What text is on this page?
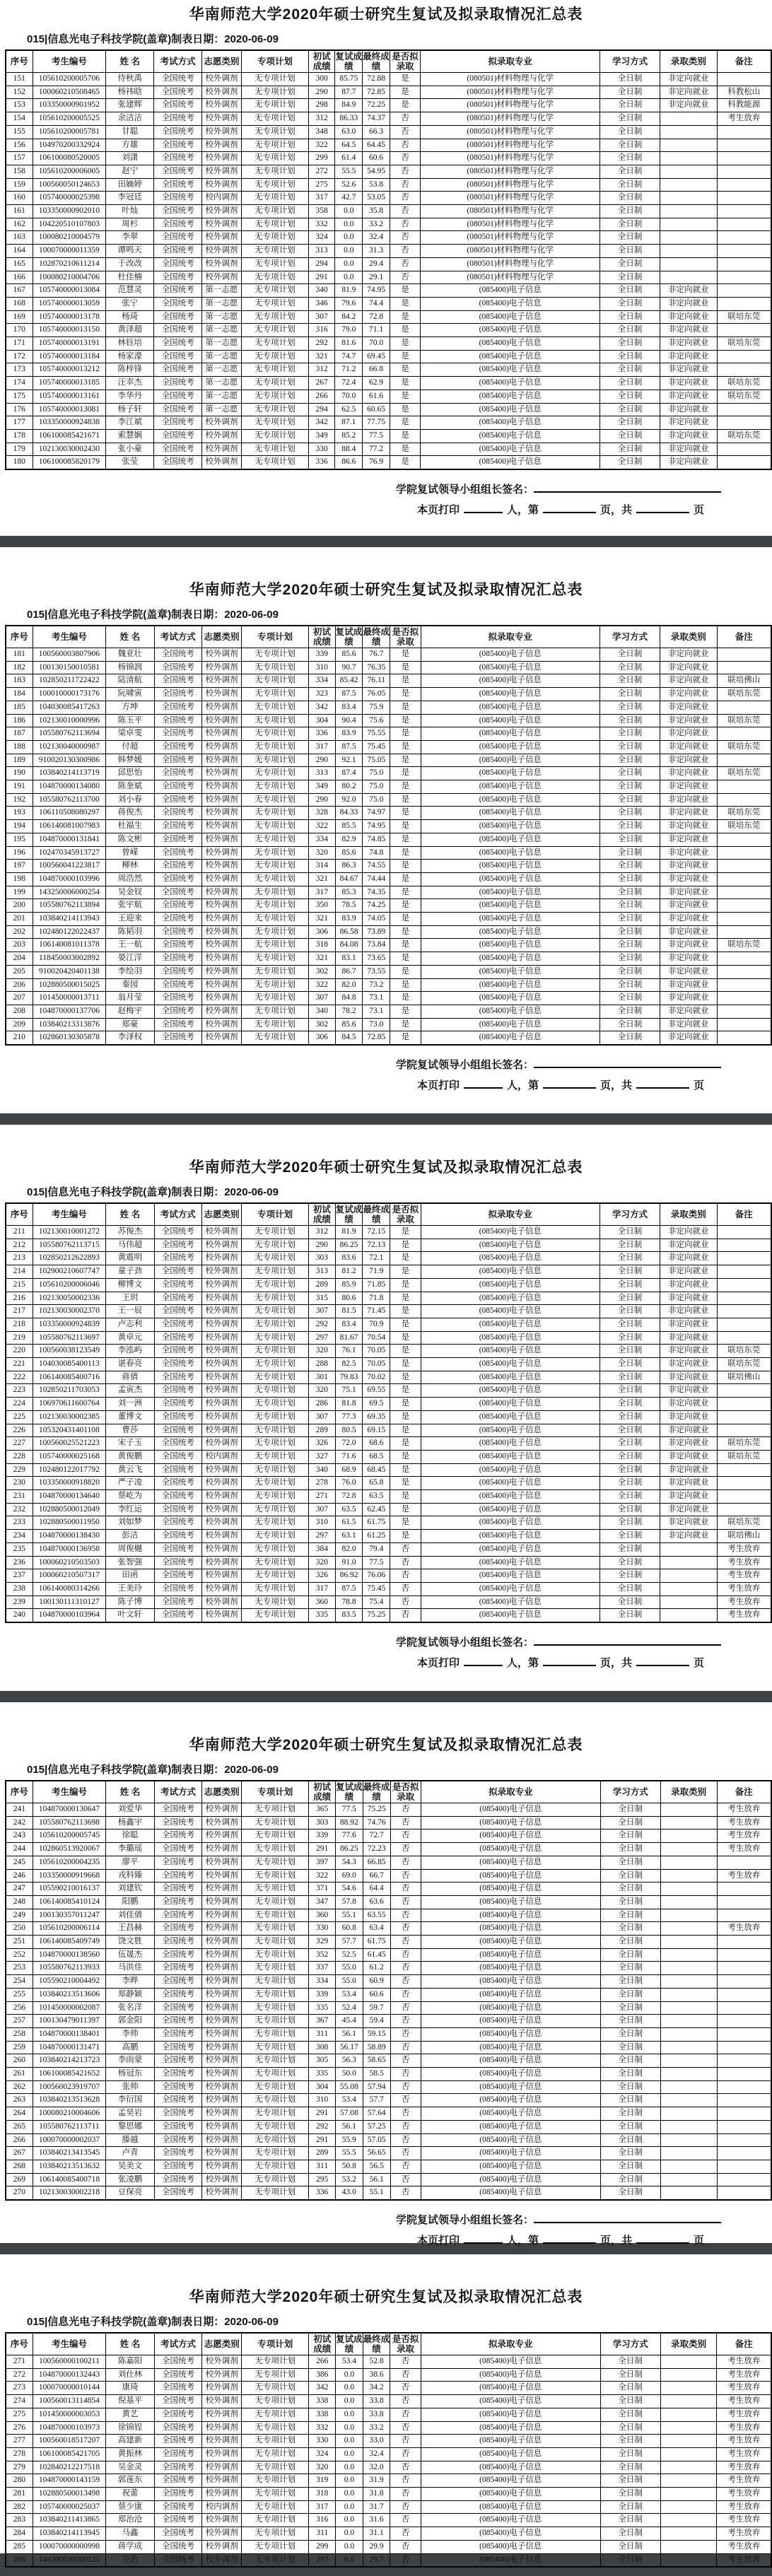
华南师范大学2020年硕士研究生复试及拟录取情况汇总表
015|信息光电子科技学院(盖章)制表日期：2020-06-09
序号	考生编号	姓 名	考试方式	志愿类别	专项计划	初试成绩	复试成绩	最终成绩	是否拟录取	拟录取专业	学习方式	录取类别	备注
151	105610200005706	侍秋禹	全国统考	校外调剂	无专项计划	300	85.75	72.88	是	(080501)材料物理与化学	全日制	非定向就业	
152	100060210508465	杨祎晗	全国统考	校外调剂	无专项计划	290	87.7	72.85	是	(080501)材料物理与化学	全日制	非定向就业	科教松山
153	103350000901952	张建辉	全国统考	校外调剂	无专项计划	298	84.9	72.25	是	(080501)材料物理与化学	全日制	非定向就业	科教能源
154	105610200005525	余洁洁	全国统考	校外调剂	无专项计划	312	86.33	74.37	否	(080501)材料物理与化学	全日制		考生放弃
155	105610200005781	甘聪	全国统考	校外调剂	无专项计划	348	63.0	66.3	否	(080501)材料物理与化学	全日制		
156	104970200332924	方雄	全国统考	校外调剂	无专项计划	322	64.5	64.45	否	(080501)材料物理与化学	全日制		
157	106100080520005	刘潇	全国统考	校外调剂	无专项计划	299	61.4	60.6	否	(080501)材料物理与化学	全日制		
158	105610200006005	赵宁	全国统考	校外调剂	无专项计划	272	55.5	54.95	否	(080501)材料物理与化学	全日制		
159	100560050124653	田嫡婷	全国统考	校外调剂	无专项计划	275	52.6	53.8	否	(080501)材料物理与化学	全日制		
160	105740000025398	李冠廷	全国统考	校内调剂	无专项计划	317	42.7	53.05	否	(080501)材料物理与化学	全日制		
161	103350000902010	叶灿	全国统考	校外调剂	无专项计划	358	0.0	35.8	否	(080501)材料物理与化学	全日制		
162	104220510107803	周杉	全国统考	校外调剂	无专项计划	332	0.0	33.2	否	(080501)材料物理与化学	全日制		
163	100080210004579	李翠	全国统考	校外调剂	无专项计划	324	0.0	32.4	否	(080501)材料物理与化学	全日制		
164	100070000011359	谭鸣天	全国统考	校外调剂	无专项计划	313	0.0	31.3	否	(080501)材料物理与化学	全日制		
165	102870210611214	于改改	全国统考	校外调剂	无专项计划	294	0.0	29.4	否	(080501)材料物理与化学	全日制		
166	100080210004706	杜佳楠	全国统考	校外调剂	无专项计划	291	0.0	29.1	否	(080501)材料物理与化学	全日制		
167	105740000013084	范慧灵	全国统考	第一志愿	无专项计划	340	81.9	74.95	是	(085400)电子信息	全日制	非定向就业	
168	105740000013059	张宁	全国统考	第一志愿	无专项计划	346	79.6	74.4	是	(085400)电子信息	全日制	非定向就业	
169	105740000013178	杨琦	全国统考	第一志愿	无专项计划	307	84.2	72.8	是	(085400)电子信息	全日制	非定向就业	联培东莞
170	105740000013150	黄泽超	全国统考	第一志愿	无专项计划	316	79.0	71.1	是	(085400)电子信息	全日制	非定向就业	
171	105740000013191	林钰培	全国统考	第一志愿	无专项计划	292	81.6	70.0	是	(085400)电子信息	全日制	非定向就业	联培东莞
172	105740000013184	杨家濠	全国统考	第一志愿	无专项计划	321	74.7	69.45	是	(085400)电子信息	全日制	非定向就业	
173	105740000013212	陈梓锋	全国统考	第一志愿	无专项计划	312	71.2	66.8	是	(085400)电子信息	全日制	非定向就业	
174	105740000013185	汪幸杰	全国统考	第一志愿	无专项计划	267	72.4	62.9	是	(085400)电子信息	全日制	非定向就业	联培东莞
175	105740000013161	李华丹	全国统考	第一志愿	无专项计划	266	70.0	61.6	是	(085400)电子信息	全日制	非定向就业	联培东莞
176	105740000013081	杨子轩	全国统考	第一志愿	无专项计划	294	62.5	60.65	是	(085400)电子信息	全日制	非定向就业	
177	103350000924838	李江斌	全国统考	校外调剂	无专项计划	342	87.1	77.75	是	(085400)电子信息	全日制	非定向就业	
178	106100085421671	索慧娴	全国统考	校外调剂	无专项计划	349	85.2	77.5	是	(085400)电子信息	全日制	非定向就业	联培东莞
179	102130030002430	张小豪	全国统考	校外调剂	无专项计划	330	88.4	77.2	是	(085400)电子信息	全日制	非定向就业	
180	106100085820179	张莹	全国统考	校外调剂	无专项计划	336	86.6	76.9	是	(085400)电子信息	全日制	非定向就业	
学院复试领导小组组长签名：
本页打印	人，第	页，共	页
华南师范大学2020年硕士研究生复试及拟录取情况汇总表
015|信息光电子科技学院(盖章)制表日期：2020-06-09
序号	考生编号	姓 名	考试方式	志愿类别	专项计划	初试成绩	复试成绩	最终成绩	是否拟录取	拟录取专业	学习方式	录取类别	备注
181	100560003807906	魏亚壮	全国统考	校外调剂	无专项计划	339	85.6	76.7	是	(085400)电子信息	全日制	非定向就业	
182	100130150010581	杨锦润	全国统考	校外调剂	无专项计划	310	90.7	76.35	是	(085400)电子信息	全日制	非定向就业	
183	102850211722422	陆清航	全国统考	校外调剂	无专项计划	334	85.42	76.11	是	(085400)电子信息	全日制	非定向就业	联培佛山
184	100010000173176	阮啸寅	全国统考	校外调剂	无专项计划	323	87.5	76.05	是	(085400)电子信息	全日制	非定向就业	联培东莞
185	104030085417263	方坤	全国统考	校外调剂	无专项计划	342	83.4	75.9	是	(085400)电子信息	全日制	非定向就业	
186	102130010000996	陈玉平	全国统考	校外调剂	无专项计划	304	90.4	75.6	是	(085400)电子信息	全日制	非定向就业	联培东莞
187	105580762113694	梁卓雯	全国统考	校外调剂	无专项计划	336	83.9	75.55	是	(085400)电子信息	全日制	非定向就业	
188	102130040000987	付超	全国统考	校外调剂	无专项计划	317	87.5	75.45	是	(085400)电子信息	全日制	非定向就业	联培东莞
189	910020130300986	韩梦媛	全国统考	校外调剂	无专项计划	290	92.1	75.05	是	(085400)电子信息	全日制	非定向就业	
190	103840214113719	邱思怡	全国统考	校外调剂	无专项计划	313	87.4	75.0	是	(085400)电子信息	全日制	非定向就业	联培东莞
191	104870000134080	陈奎斌	全国统考	校外调剂	无专项计划	349	80.2	75.0	是	(085400)电子信息	全日制	非定向就业	
192	105580762113700	刘小春	全国统考	校外调剂	无专项计划	290	92.0	75.0	是	(085400)电子信息	全日制	非定向就业	
193	106110508080297	蒋俊杰	全国统考	校外调剂	无专项计划	328	84.33	74.97	是	(085400)电子信息	全日制	非定向就业	联培东莞
194	106140081007983	杜福生	全国统考	校外调剂	无专项计划	322	85.5	74.95	是	(085400)电子信息	全日制	非定向就业	联培东莞
195	104870000131841	陈文彬	全国统考	校外调剂	无专项计划	334	82.9	74.85	是	(085400)电子信息	全日制	非定向就业	
196	102470345913727	曾嵘	全国统考	校外调剂	无专项计划	320	85.6	74.8	是	(085400)电子信息	全日制	非定向就业	
197	100560041223817	柳林	全国统考	校外调剂	无专项计划	314	86.3	74.55	是	(085400)电子信息	全日制	非定向就业	
198	104870000103996	周浩然	全国统考	校外调剂	无专项计划	321	84.67	74.44	是	(085400)电子信息	全日制	非定向就业	
199	143250006000254	吴金钗	全国统考	校外调剂	无专项计划	317	85.3	74.35	是	(085400)电子信息	全日制	非定向就业	
200	105580762113894	张宇航	全国统考	校外调剂	无专项计划	350	78.5	74.25	是	(085400)电子信息	全日制	非定向就业	
201	103840214113943	王迎来	全国统考	校外调剂	无专项计划	321	83.9	74.05	是	(085400)电子信息	全日制	非定向就业	
202	102480122022437	陈韬羽	全国统考	校外调剂	无专项计划	306	86.58	73.89	是	(085400)电子信息	全日制	非定向就业	
203	106140081011378	王一航	全国统考	校外调剂	无专项计划	318	84.08	73.84	是	(085400)电子信息	全日制	非定向就业	联培东莞
204	118450003002892	晏江洋	全国统考	校外调剂	无专项计划	321	83.1	73.65	是	(085400)电子信息	全日制	非定向就业	
205	910020420401138	李绘羽	全国统考	校外调剂	无专项计划	302	86.7	73.55	是	(085400)电子信息	全日制	非定向就业	
206	102880500015025	秦园	全国统考	校外调剂	无专项计划	322	82.0	73.2	是	(085400)电子信息	全日制	非定向就业	
207	101450000013711	翁月莹	全国统考	校外调剂	无专项计划	307	84.8	73.1	是	(085400)电子信息	全日制	非定向就业	
208	104870000137706	赵梅宇	全国统考	校外调剂	无专项计划	340	78.2	73.1	是	(085400)电子信息	全日制	非定向就业	
209	103840213313876	郑豪	全国统考	校外调剂	无专项计划	302	85.6	73.0	是	(085400)电子信息	全日制	非定向就业	
210	102860130305878	李泽权	全国统考	校外调剂	无专项计划	306	84.5	72.85	是	(085400)电子信息	全日制	非定向就业	
学院复试领导小组组长签名：
本页打印	人，第	页，共	页
华南师范大学2020年硕士研究生复试及拟录取情况汇总表
015|信息光电子科技学院(盖章)制表日期：2020-06-09
序号	考生编号	姓 名	考试方式	志愿类别	专项计划	初试成绩	复试成绩	最终成绩	是否拟录取	拟录取专业	学习方式	录取类别	备注
211	102130010001272	苏俊杰	全国统考	校外调剂	无专项计划	312	81.9	72.15	是	(085400)电子信息	全日制	非定向就业	
212	105580762113715	马伟超	全国统考	校外调剂	无专项计划	290	86.25	72.13	是	(085400)电子信息	全日制	非定向就业	
213	102850212622893	黄震明	全国统考	校外调剂	无专项计划	303	83.6	72.1	是	(085400)电子信息	全日制	非定向就业	
214	102900210607747	童子劲	全国统考	校外调剂	无专项计划	313	81.2	71.9	是	(085400)电子信息	全日制	非定向就业	
215	105610200006046	柳博文	全国统考	校外调剂	无专项计划	289	85.9	71.85	是	(085400)电子信息	全日制	非定向就业	
216	102130050002336	王玥	全国统考	校外调剂	无专项计划	315	80.6	71.8	是	(085400)电子信息	全日制	非定向就业	
217	102130030002370	王一辰	全国统考	校外调剂	无专项计划	307	81.5	71.45	是	(085400)电子信息	全日制	非定向就业	
218	103350000924839	卢志利	全国统考	校外调剂	无专项计划	292	83.4	70.9	是	(085400)电子信息	全日制	非定向就业	
219	105580762113697	黄卓元	全国统考	校外调剂	无专项计划	297	81.67	70.54	是	(085400)电子信息	全日制	非定向就业	
220	100560038123549	李泓屿	全国统考	校外调剂	无专项计划	320	76.1	70.05	是	(085400)电子信息	全日制	非定向就业	联培东莞
221	104030085400113	谌春亮	全国统考	校外调剂	无专项计划	288	82.5	70.05	是	(085400)电子信息	全日制	非定向就业	联培东莞
222	106140085400716	蒋倩	全国统考	校外调剂	无专项计划	301	79.83	70.02	是	(085400)电子信息	全日制	非定向就业	联培佛山
223	102850211703053	孟寅杰	全国统考	校外调剂	无专项计划	320	75.1	69.55	是	(085400)电子信息	全日制	非定向就业	
224	106970611600764	刘一洲	全国统考	校外调剂	无专项计划	286	81.8	69.5	是	(085400)电子信息	全日制	非定向就业	
225	102130030002385	董博文	全国统考	校外调剂	无专项计划	307	77.3	69.35	是	(085400)电子信息	全日制	非定向就业	
226	105320431401108	曹莎	全国统考	校外调剂	无专项计划	289	80.5	69.15	是	(085400)电子信息	全日制	非定向就业	
227	100560025521223	宋子玉	全国统考	校外调剂	无专项计划	326	72.0	68.6	是	(085400)电子信息	全日制	非定向就业	联培东莞
228	105740000025168	黄俊鹏	全国统考	校内调剂	无专项计划	327	71.6	68.5	是	(085400)电子信息	全日制	非定向就业	联培东莞
229	102480122017792	黄云飞	全国统考	校外调剂	无专项计划	340	68.9	68.45	是	(085400)电子信息	全日制	非定向就业	
230	103350000918820	严子凌	全国统考	校外调剂	无专项计划	278	76.0	65.8	是	(085400)电子信息	全日制	非定向就业	
231	104870000134640	蔡屹为	全国统考	校外调剂	无专项计划	271	72.8	63.5	是	(085400)电子信息	全日制	非定向就业	
232	102880500012049	李红运	全国统考	校外调剂	无专项计划	307	63.5	62.45	是	(085400)电子信息	全日制	非定向就业	
233	102880500011950	刘如梦	全国统考	校外调剂	无专项计划	310	61.5	61.75	是	(085400)电子信息	全日制	非定向就业	联培东莞
234	104870000138430	彭洁	全国统考	校外调剂	无专项计划	297	63.1	61.25	是	(085400)电子信息	全日制	非定向就业	联培佛山
235	104870000136958	周俊樾	全国统考	校外调剂	无专项计划	384	82.0	79.4	否	(085400)电子信息	全日制		考生放弃
236	100060210503503	张智强	全国统考	校外调剂	无专项计划	320	91.0	77.5	否	(085400)电子信息	全日制		考生放弃
237	100060210507317	田函	全国统考	校外调剂	无专项计划	326	86.92	76.06	否	(085400)电子信息	全日制		考生放弃
238	106140080314266	王美玲	全国统考	校外调剂	无专项计划	317	87.5	75.45	否	(085400)电子信息	全日制		考生放弃
239	100130111310127	陈子博	全国统考	校外调剂	无专项计划	360	78.8	75.4	否	(085400)电子信息	全日制		考生放弃
240	104870000103964	叶文轩	全国统考	校外调剂	无专项计划	335	83.5	75.25	否	(085400)电子信息	全日制		考生放弃
学院复试领导小组组长签名：
本页打印	人，第	页，共	页
华南师范大学2020年硕士研究生复试及拟录取情况汇总表
015|信息光电子科技学院(盖章)制表日期：2020-06-09
序号	考生编号	姓 名	考试方式	志愿类别	专项计划	初试成绩	复试成绩	最终成绩	是否拟录取	拟录取专业	学习方式	录取类别	备注
241	104870000130647	刘爱华	全国统考	校外调剂	无专项计划	365	77.5	75.25	否	(085400)电子信息	全日制		考生放弃
242	105580762113698	杨鑫宇	全国统考	校外调剂	无专项计划	303	88.92	74.76	否	(085400)电子信息	全日制		考生放弃
243	105610200005745	徐聪	全国统考	校外调剂	无专项计划	339	77.6	72.7	否	(085400)电子信息	全日制		考生放弃
244	102860513920067	李璐瑶	全国统考	校外调剂	无专项计划	291	86.25	72.23	否	(085400)电子信息	全日制		考生放弃
245	105610200004235	廖平	全国统考	校外调剂	无专项计划	397	54.3	66.85	否	(085400)电子信息	全日制		
246	103350000919668	戎科臻	全国统考	校外调剂	无专项计划	322	69.0	66.7	否	(085400)电子信息	全日制		考生放弃
247	105590210016137	刘建钦	全国统考	校外调剂	无专项计划	371	54.6	64.4	否	(085400)电子信息	全日制		
248	106140085410124	阳鹏	全国统考	校外调剂	无专项计划	347	57.8	63.6	否	(085400)电子信息	全日制		
249	100130357011247	刘佳倩	全国统考	校外调剂	无专项计划	360	55.1	63.55	否	(085400)电子信息	全日制		
250	105610200006114	王昌赫	全国统考	校外调剂	无专项计划	330	60.8	63.4	否	(085400)电子信息	全日制		考生放弃
251	106140085409749	饶文胜	全国统考	校外调剂	无专项计划	329	57.7	61.75	否	(085400)电子信息	全日制		
252	104870000138560	伍晟杰	全国统考	校外调剂	无专项计划	352	52.5	61.45	否	(085400)电子信息	全日制		
253	105580762113933	马洪佳	全国统考	校外调剂	无专项计划	337	55.0	61.2	否	(085400)电子信息	全日制		
254	105590210004492	李晔	全国统考	校外调剂	无专项计划	334	55.0	60.9	否	(085400)电子信息	全日制		
255	103840213513606	郑静颖	全国统考	校外调剂	无专项计划	339	53.4	60.6	否	(085400)电子信息	全日制		
256	101450000002087	张名洋	全国统考	校外调剂	无专项计划	335	52.4	59.7	否	(085400)电子信息	全日制		
257	100130479011397	郭金阳	全国统考	校外调剂	无专项计划	367	45.4	59.4	否	(085400)电子信息	全日制		
258	104870000138401	李帅	全国统考	校外调剂	无专项计划	311	56.1	59.15	否	(085400)电子信息	全日制		
259	104870000131471	高鹏	全国统考	校外调剂	无专项计划	308	56.17	58.89	否	(085400)电子信息	全日制		
260	103840214213723	李雨蒙	全国统考	校外调剂	无专项计划	305	56.3	58.65	否	(085400)电子信息	全日制		
261	106100085421652	杨冠东	全国统考	校外调剂	无专项计划	335	50.0	58.5	否	(085400)电子信息	全日制		
262	100560023919707	张帅	全国统考	校外调剂	无专项计划	304	55.08	57.94	否	(085400)电子信息	全日制		
263	103840213513628	李衍国	全国统考	校外调剂	无专项计划	310	53.4	57.7	否	(085400)电子信息	全日制		
264	100080210004606	孟昊岩	全国统考	校外调剂	无专项计划	291	57.08	57.64	否	(085400)电子信息	全日制		
265	105580762113711	黎思娜	全国统考	校外调剂	无专项计划	292	56.1	57.25	否	(085400)电子信息	全日制		
266	100070000002037	滕越	全国统考	校外调剂	无专项计划	291	55.9	57.05	否	(085400)电子信息	全日制		
267	103840213413545	卢青	全国统考	校外调剂	无专项计划	289	55.5	56.65	否	(085400)电子信息	全日制		
268	103840213513632	吴美文	全国统考	校外调剂	无专项计划	311	50.8	56.5	否	(085400)电子信息	全日制		
269	106140085400718	张凌鹏	全国统考	校外调剂	无专项计划	295	53.2	56.1	否	(085400)电子信息	全日制		
270	102130030002218	豆保亮	全国统考	校外调剂	无专项计划	336	43.0	55.1	否	(085400)电子信息	全日制		
学院复试领导小组组长签名：
本页打印	人，第	页，共	页
华南师范大学2020年硕士研究生复试及拟录取情况汇总表
015|信息光电子科技学院(盖章)制表日期：2020-06-09
序号	考生编号	姓 名	考试方式	志愿类别	专项计划	初试成绩	复试成绩	最终成绩	是否拟录取	拟录取专业	学习方式	录取类别	备注
271	100560000100211	陈嘉阳	全国统考	校外调剂	无专项计划	266	53.4	52.8	否	(085400)电子信息	全日制		考生放弃
272	104870000132443	刘仕林	全国统考	校外调剂	无专项计划	386	0.0	38.6	否	(085400)电子信息	全日制		考生放弃
273	100070000010144	康琦	全国统考	校外调剂	无专项计划	342	0.0	34.2	否	(085400)电子信息	全日制		考生放弃
274	100560013114854	倪基平	全国统考	校外调剂	无专项计划	338	0.0	33.8	否	(085400)电子信息	全日制		考生放弃
275	101450000003053	黄艺	全国统考	校外调剂	无专项计划	338	0.0	33.8	否	(085400)电子信息	全日制		考生放弃
276	104870000103973	徐锦锃	全国统考	校外调剂	无专项计划	332	0.0	33.2	否	(085400)电子信息	全日制		考生放弃
277	100560018517207	高建新	全国统考	校外调剂	无专项计划	330	0.0	33.0	否	(085400)电子信息	全日制		考生放弃
278	106100085421705	黄振林	全国统考	校外调剂	无专项计划	324	0.0	32.4	否	(085400)电子信息	全日制		考生放弃
279	102840212217518	吴金灵	全国统考	校外调剂	无专项计划	320	0.0	32.0	否	(085400)电子信息	全日制		考生放弃
280	104870000143159	郭莲东	全国统考	校外调剂	无专项计划	319	0.0	31.9	否	(085400)电子信息	全日制		考生放弃
281	102880500013498	祝蕾	全国统考	校外调剂	无专项计划	318	0.0	31.8	否	(085400)电子信息	全日制		考生放弃
282	105740000025037	蔡少康	全国统考	校内调剂	无专项计划	317	0.0	31.7	否	(085400)电子信息	全日制		考生放弃
283	103840211413865	郑治沧	全国统考	校外调剂	无专项计划	316	0.0	31.6	否	(085400)电子信息	全日制		考生放弃
284	103840214113945	马鑫	全国统考	校外调剂	无专项计划	311	0.0	31.1	否	(085400)电子信息	全日制		考生放弃
285	100070000000998	蒋学成	全国统考	校外调剂	无专项计划	299	0.0	29.9	否	(085400)电子信息	全日制		考生放弃
286	144300030000125	乔治	全国统考	校外调剂	无专项计划	297	0.0	29.7	否	(085400)电子信息	全日制		考生放弃
